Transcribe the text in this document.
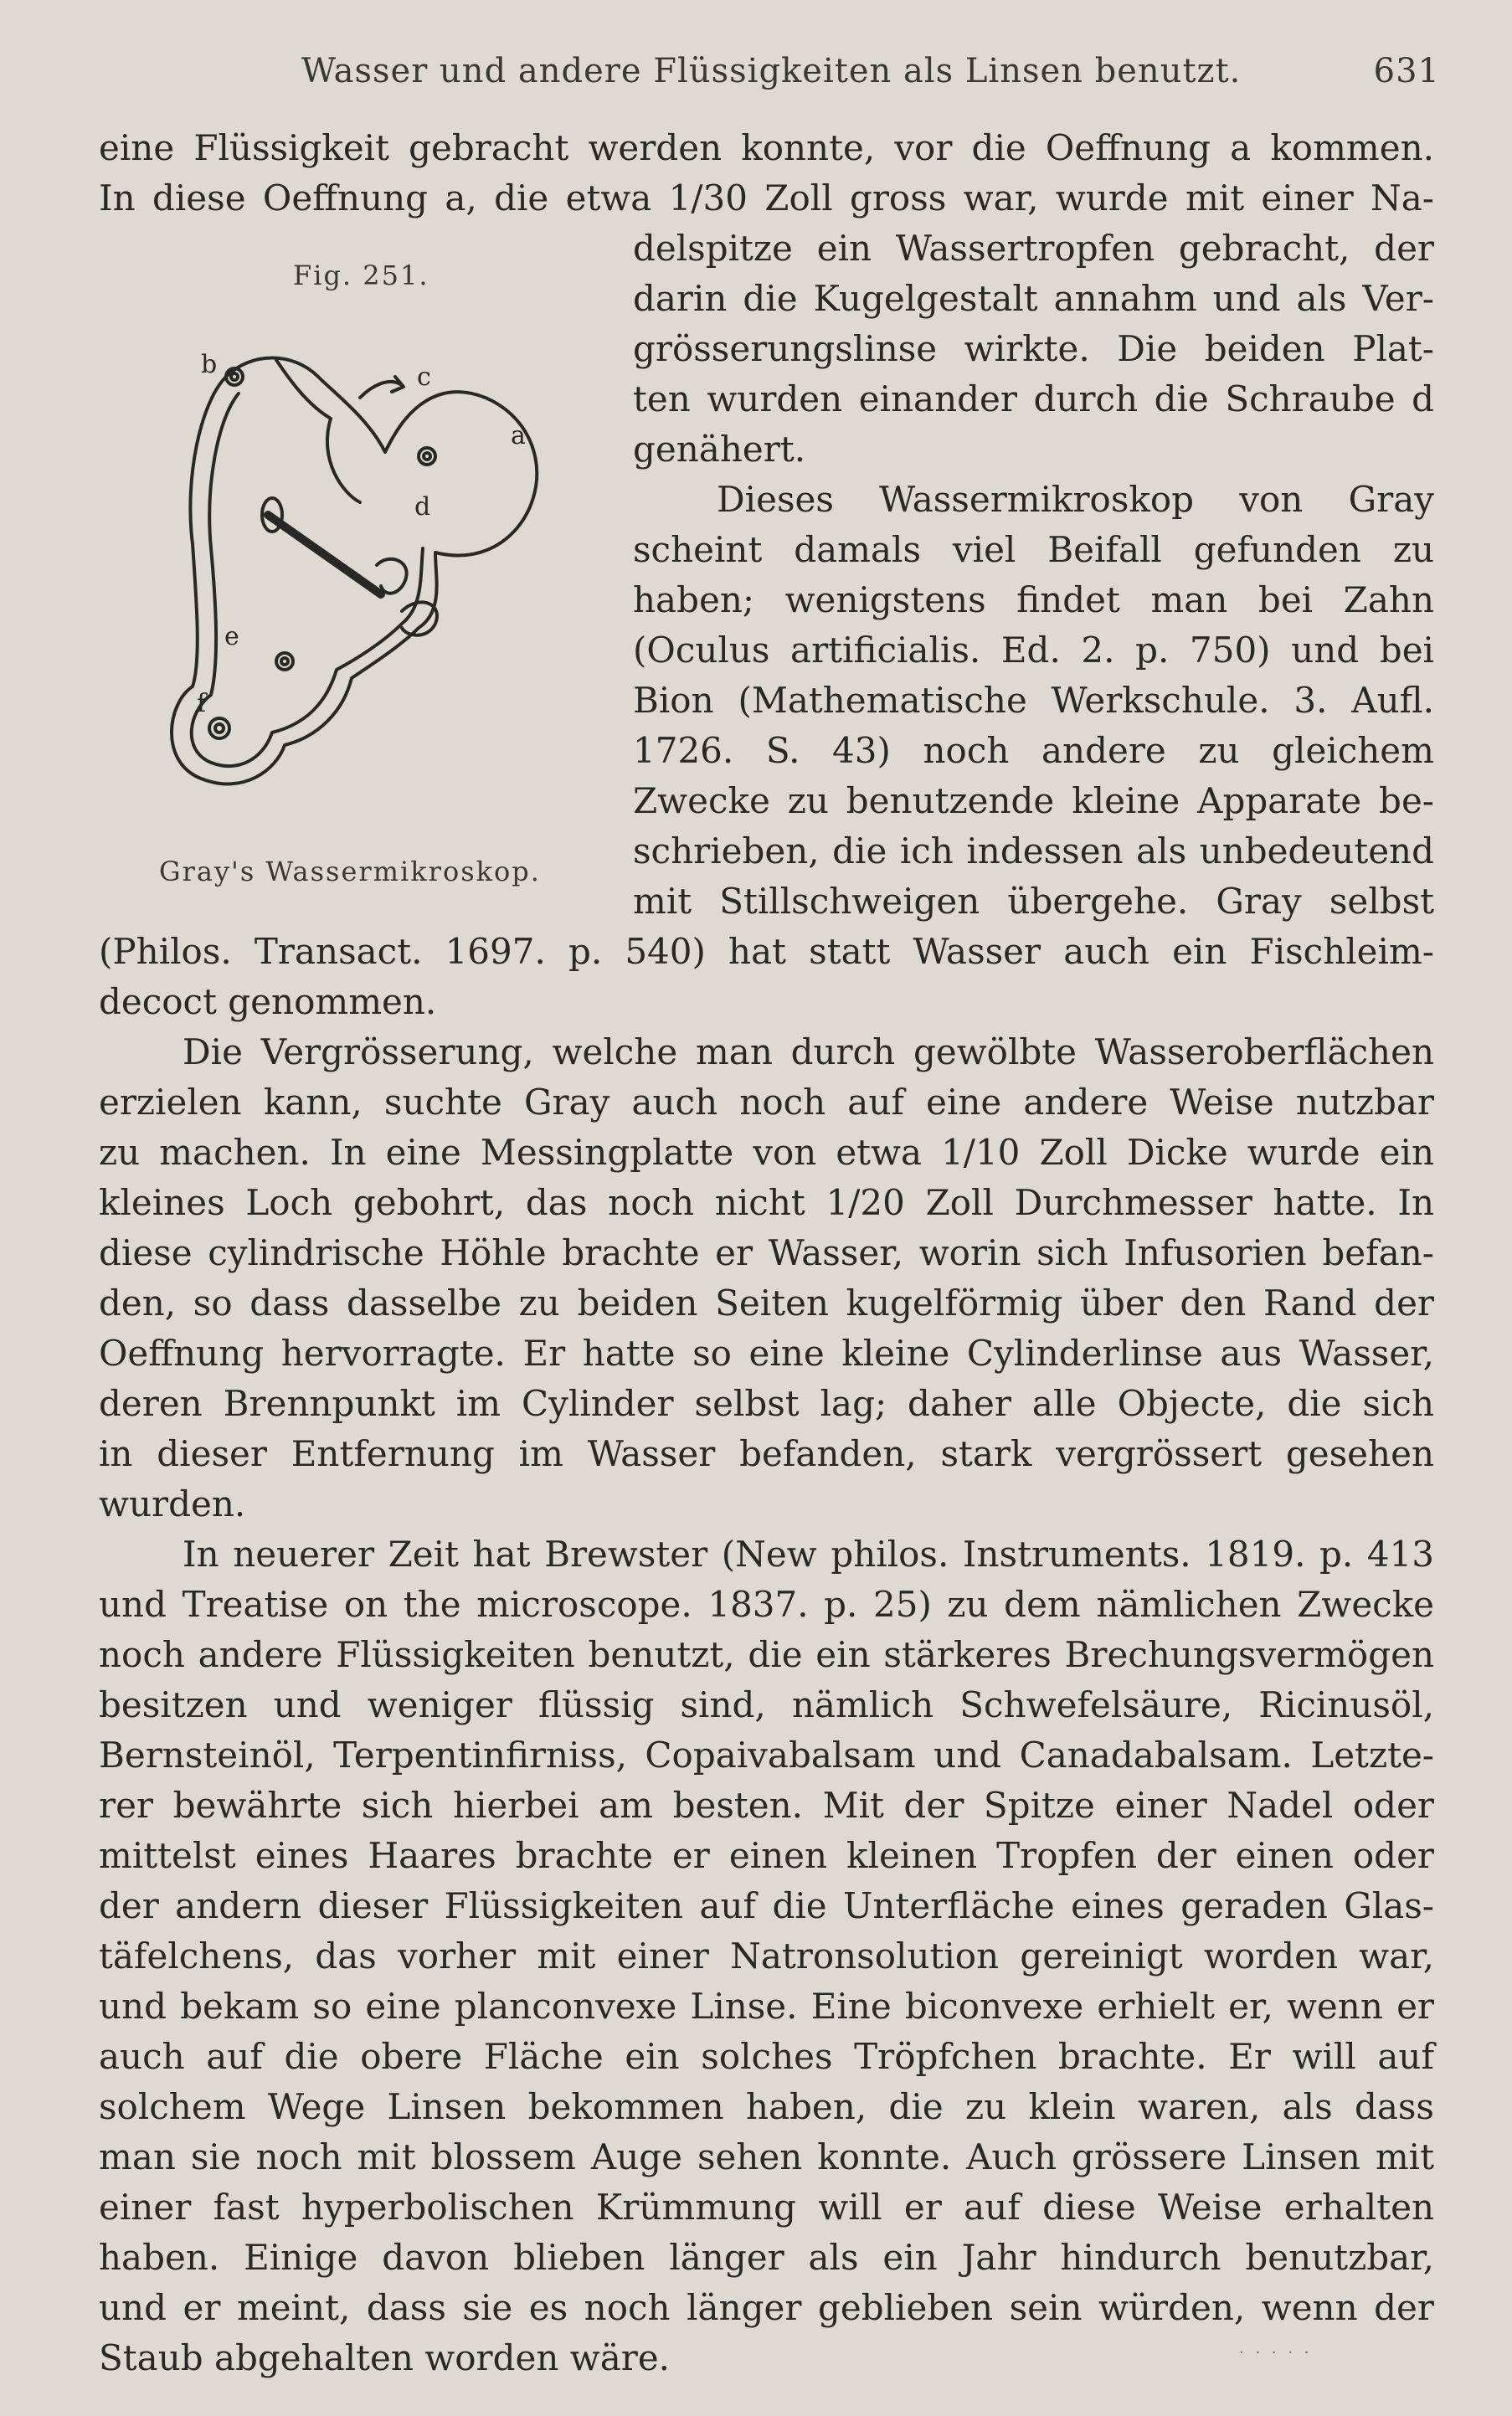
Wasser und andere Flüssigkeiten als Linsen benutzt.	631
eine Flüssigkeit gebracht werden konnte, vor die Oeffnung a kommen.
In diese Oeffnung a, die etwa 1/30 Zoll gross war, wurde mit einer Na-
Fig. 251.
b	c
a
d
e
f
Gray's Wassermikroskop.
delspitze ein Wassertropfen gebracht, der
darin die Kugelgestalt annahm und als Ver-
grösserungslinse wirkte. Die beiden Plat-
ten wurden einander durch die Schraube d
genähert.
Dieses Wassermikroskop von Gray
scheint damals viel Beifall gefunden zu
haben; wenigstens findet man bei Zahn
(Oculus artificialis. Ed. 2. p. 750) und bei
Bion (Mathematische Werkschule. 3. Aufl.
1726. S. 43) noch andere zu gleichem
Zwecke zu benutzende kleine Apparate be-
schrieben, die ich indessen als unbedeutend
mit Stillschweigen übergehe. Gray selbst
(Philos. Transact. 1697. p. 540) hat statt Wasser auch ein Fischleim-
decoct genommen.
Die Vergrösserung, welche man durch gewölbte Wasseroberflächen
erzielen kann, suchte Gray auch noch auf eine andere Weise nutzbar
zu machen. In eine Messingplatte von etwa 1/10 Zoll Dicke wurde ein
kleines Loch gebohrt, das noch nicht 1/20 Zoll Durchmesser hatte. In
diese cylindrische Höhle brachte er Wasser, worin sich Infusorien befan-
den, so dass dasselbe zu beiden Seiten kugelförmig über den Rand der
Oeffnung hervorragte. Er hatte so eine kleine Cylinderlinse aus Wasser,
deren Brennpunkt im Cylinder selbst lag; daher alle Objecte, die sich
in dieser Entfernung im Wasser befanden, stark vergrössert gesehen
wurden.
In neuerer Zeit hat Brewster (New philos. Instruments. 1819. p. 413
und Treatise on the microscope. 1837. p. 25) zu dem nämlichen Zwecke
noch andere Flüssigkeiten benutzt, die ein stärkeres Brechungsvermögen
besitzen und weniger flüssig sind, nämlich Schwefelsäure, Ricinusöl,
Bernsteinöl, Terpentinfirniss, Copaivabalsam und Canadabalsam. Letzte-
rer bewährte sich hierbei am besten. Mit der Spitze einer Nadel oder
mittelst eines Haares brachte er einen kleinen Tropfen der einen oder
der andern dieser Flüssigkeiten auf die Unterfläche eines geraden Glas-
täfelchens, das vorher mit einer Natronsolution gereinigt worden war,
und bekam so eine planconvexe Linse. Eine biconvexe erhielt er, wenn er
auch auf die obere Fläche ein solches Tröpfchen brachte. Er will auf
solchem Wege Linsen bekommen haben, die zu klein waren, als dass
man sie noch mit blossem Auge sehen konnte. Auch grössere Linsen mit
einer fast hyperbolischen Krümmung will er auf diese Weise erhalten
haben. Einige davon blieben länger als ein Jahr hindurch benutzbar,
und er meint, dass sie es noch länger geblieben sein würden, wenn der
Staub abgehalten worden wäre.	· · · · ·
